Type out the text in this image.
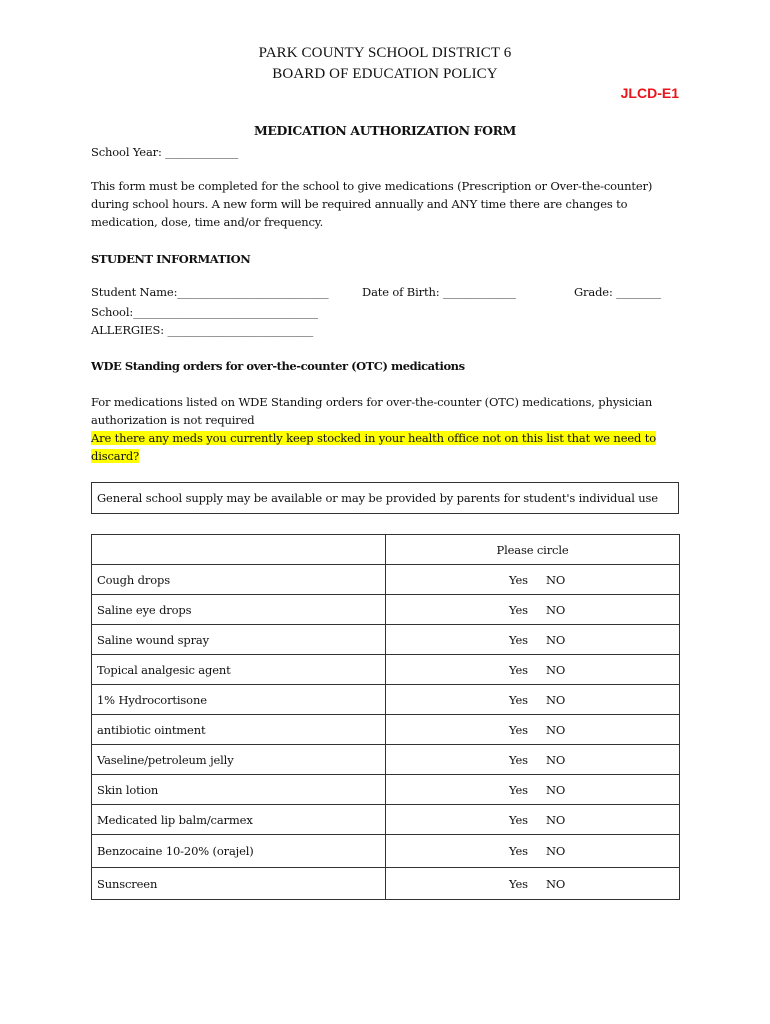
PARK COUNTY SCHOOL DISTRICT 6
BOARD OF EDUCATION POLICY
JLCD-E1
MEDICATION AUTHORIZATION FORM
School Year: _____________
This form must be completed for the school to give medications (Prescription or Over-the-counter) during school hours. A new form will be required annually and ANY time there are changes to medication, dose, time and/or frequency.
STUDENT INFORMATION
Student Name:___________________________	Date of Birth: _____________	Grade: ________
School:_________________________________
ALLERGIES: __________________________
WDE Standing orders for over-the-counter (OTC) medications
For medications listed on WDE Standing orders for over-the-counter (OTC) medications, physician authorization is not required
Are there any meds you currently keep stocked in your health office not on this list that we need to discard?
General school supply may be available or may be provided by parents for student's individual use
	Please circle
Cough drops	Yes NO

Saline eye drops	Yes NO

Saline wound spray	Yes NO

Topical analgesic agent	Yes NO

1% Hydrocortisone	Yes NO

antibiotic ointment	Yes NO

Vaseline/petroleum jelly	Yes NO

Skin lotion	Yes NO

Medicated lip balm/carmex	Yes NO

Benzocaine 10-20% (orajel)	Yes NO

Sunscreen	Yes NO
